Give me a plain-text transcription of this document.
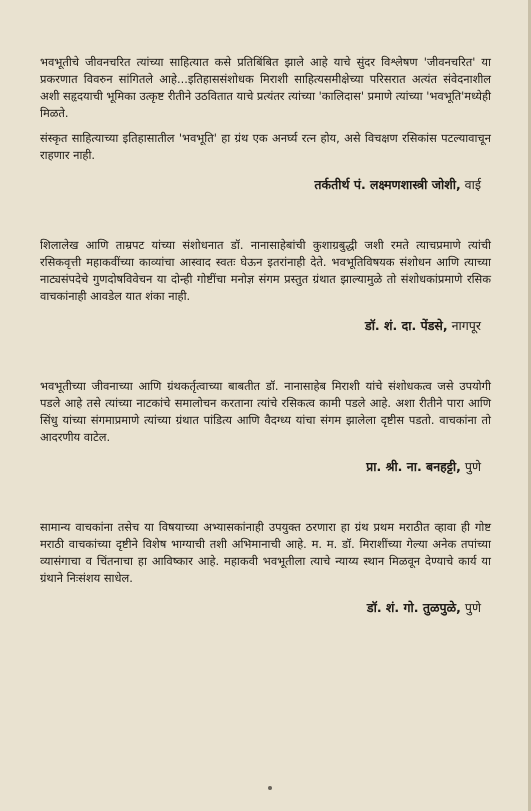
भवभूतीचे जीवनचरित त्यांच्या साहित्यात कसे प्रतिबिंबित झाले आहे याचे सुंदर विश्लेषण 'जीवनचरित' या प्रकरणात विवरुन सांगितले आहे...इतिहाससंशोधक मिराशी साहित्यसमीक्षेच्या परिसरात अत्यंत संवेदनाशील अशी सहृदयाची भूमिका उत्कृष्ट रीतीने उठवितात याचे प्रत्यंतर त्यांच्या 'कालिदास' प्रमाणे त्यांच्या 'भवभूति'मध्येही मिळते.

संस्कृत साहित्याच्या इतिहासातील 'भवभूति' हा ग्रंथ एक अनर्घ्य रत्न होय, असे विचक्षण रसिकांस पटल्यावाचून राहणार नाही.

तर्कतीर्थ पं. लक्ष्मणशास्त्री जोशी, वाई

शिलालेख आणि ताम्रपट यांच्या संशोधनात डॉ. नानासाहेबांची कुशाग्रबुद्धी जशी रमते त्याचप्रमाणे त्यांची रसिकवृत्ती महाकवींच्या काव्यांचा आस्वाद स्वतः घेऊन इतरांनाही देते. भवभूतिविषयक संशोधन आणि त्याच्या नाट्यसंपदेचे गुणदोषविवेचन या दोन्ही गोष्टींचा मनोज्ञ संगम प्रस्तुत ग्रंथात झाल्यामुळे तो संशोधकांप्रमाणे रसिक वाचकांनाही आवडेल यात शंका नाही.

डॉ. शं. दा. पेंडसे, नागपूर

भवभूतीच्या जीवनाच्या आणि ग्रंथकर्तृत्वाच्या बाबतीत डॉ. नानासाहेब मिराशी यांचे संशोधकत्व जसे उपयोगी पडले आहे तसे त्यांच्या नाटकांचे समालोचन करताना त्यांचे रसिकत्व कामी पडले आहे. अशा रीतीने पारा आणि सिंधु यांच्या संगमाप्रमाणे त्यांच्या ग्रंथात पांडित्य आणि वैदग्ध्य यांचा संगम झालेला दृष्टीस पडतो. वाचकांना तो आदरणीय वाटेल.

प्रा. श्री. ना. बनहट्टी, पुणे

सामान्य वाचकांना तसेच या विषयाच्या अभ्यासकांनाही उपयुक्त ठरणारा हा ग्रंथ प्रथम मराठीत व्हावा ही गोष्ट मराठी वाचकांच्या दृष्टीने विशेष भाग्याची तशी अभिमानाची आहे. म. म. डॉ. मिराशींच्या गेल्या अनेक तपांच्या व्यासंगाचा व चिंतनाचा हा आविष्कार आहे. महाकवी भवभूतीला त्याचे न्याय्य स्थान मिळवून देण्याचे कार्य या ग्रंथाने निःसंशय साधेल.

डॉ. शं. गो. तुळपुळे, पुणे
